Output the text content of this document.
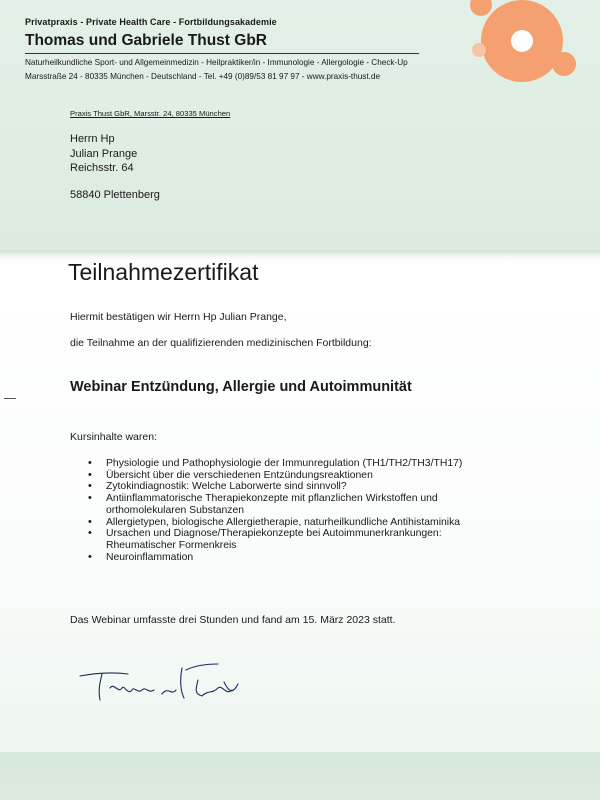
Privatpraxis - Private Health Care - Fortbildungsakademie
Thomas und Gabriele Thust GbR
Naturheilkundliche Sport- und Allgemeinmedizin - Heilpraktiker/in - Immunologie - Allergologie - Check-Up
Marsstraße 24 - 80335 München - Deutschland - Tel. +49 (0)89/53 81 97 97 - www.praxis-thust.de
Praxis Thust GbR, Marsstr. 24, 80335 München
Herrn Hp
Julian Prange
Reichsstr. 64
58840 Plettenberg
Teilnahmezertifikat
Hiermit bestätigen wir Herrn Hp Julian Prange,
die Teilnahme an der qualifizierenden medizinischen Fortbildung:
Webinar Entzündung, Allergie und Autoimmunität
Kursinhalte waren:
• Physiologie und Pathophysiologie der Immunregulation (TH1/TH2/TH3/TH17)
• Übersicht über die verschiedenen Entzündungsreaktionen
• Zytokindiagnostik: Welche Laborwerte sind sinnvoll?
• Antiinflammatorische Therapiekonzepte mit pflanzlichen Wirkstoffen und
orthomolekularen Substanzen
• Allergietypen, biologische Allergietherapie, naturheilkundliche Antihistaminika
• Ursachen und Diagnose/Therapiekonzepte bei Autoimmunerkrankungen:
Rheumatischer Formenkreis
• Neuroinflammation
Das Webinar umfasste drei Stunden und fand am 15. März 2023 statt.
